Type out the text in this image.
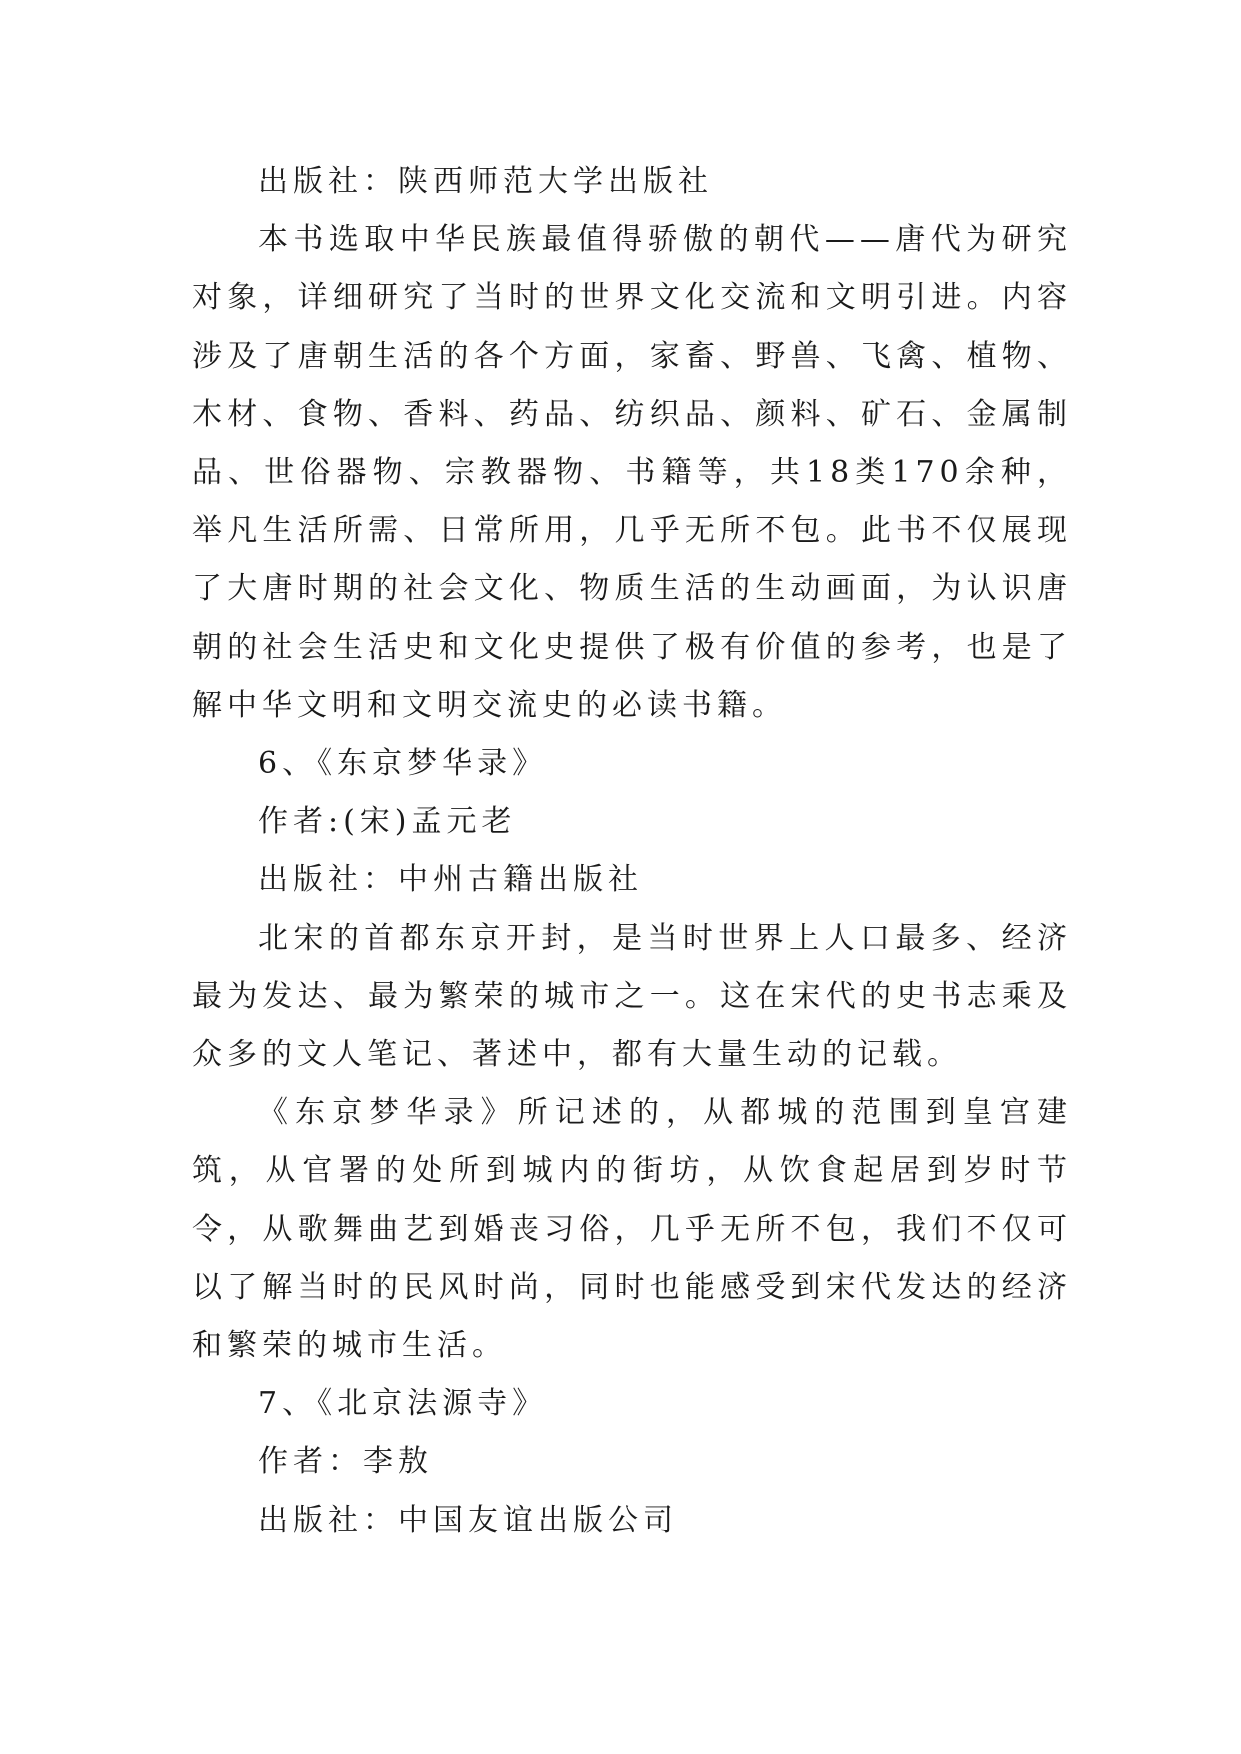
出版社：陕西师范大学出版社

本书选取中华民族最值得骄傲的朝代——唐代为研究对象，详细研究了当时的世界文化交流和文明引进。内容涉及了唐朝生活的各个方面，家畜、野兽、飞禽、植物、木材、食物、香料、药品、纺织品、颜料、矿石、金属制品、世俗器物、宗教器物、书籍等，共18类170余种，举凡生活所需、日常所用，几乎无所不包。此书不仅展现了大唐时期的社会文化、物质生活的生动画面，为认识唐朝的社会生活史和文化史提供了极有价值的参考，也是了解中华文明和文明交流史的必读书籍。

6、《东京梦华录》

作者:(宋)孟元老

出版社：中州古籍出版社

北宋的首都东京开封，是当时世界上人口最多、经济最为发达、最为繁荣的城市之一。这在宋代的史书志乘及众多的文人笔记、著述中，都有大量生动的记载。

《东京梦华录》所记述的，从都城的范围到皇宫建筑，从官署的处所到城内的街坊，从饮食起居到岁时节令，从歌舞曲艺到婚丧习俗，几乎无所不包，我们不仅可以了解当时的民风时尚，同时也能感受到宋代发达的经济和繁荣的城市生活。

7、《北京法源寺》

作者：李敖

出版社：中国友谊出版公司
